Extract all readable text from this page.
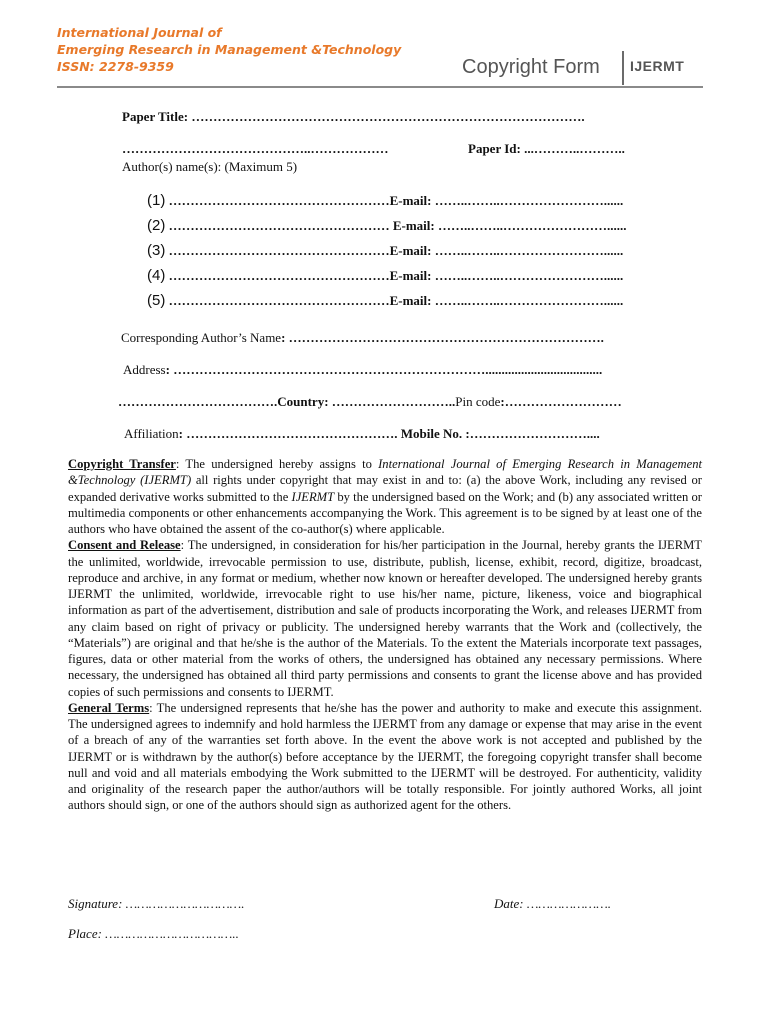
International Journal of
Emerging Research in Management &Technology
ISSN: 2278-9359	Copyright Form IJERMT
Paper Title: ……………………………………………………………………………….
……………………………………..………………	Paper Id: ...………..………..
Author(s) name(s): (Maximum 5)
(1) ……………………………………………E-mail: ……..……..……………………......
(2) …………………………………………… E-mail: ……..……..……………………......
(3) ……………………………………………E-mail: ……..……..……………………......
(4) ……………………………………………E-mail: ……..……..……………………......
(5) ……………………………………………E-mail: ……..……..……………………......
Corresponding Author’s Name: ……………………………………………………………….
Address: ………………………………………………………………....................................
……………………………….Country: ………………………..Pin code:………………………
Affiliation: …………………………………………. Mobile No. :………………………....

Copyright Transfer: The undersigned hereby assigns to International Journal of Emerging Research in Management &Technology (IJERMT) all rights under copyright that may exist in and to: (a) the above Work, including any revised or expanded derivative works submitted to the IJERMT by the undersigned based on the Work; and (b) any associated written or multimedia components or other enhancements accompanying the Work. This agreement is to be signed by at least one of the authors who have obtained the assent of the co-author(s) where applicable.

Consent and Release: The undersigned, in consideration for his/her participation in the Journal, hereby grants the IJERMT the unlimited, worldwide, irrevocable permission to use, distribute, publish, license, exhibit, record, digitize, broadcast, reproduce and archive, in any format or medium, whether now known or hereafter developed. The undersigned hereby grants IJERMT the unlimited, worldwide, irrevocable right to use his/her name, picture, likeness, voice and biographical information as part of the advertisement, distribution and sale of products incorporating the Work, and releases IJERMT from any claim based on right of privacy or publicity. The undersigned hereby warrants that the Work and (collectively, the “Materials”) are original and that he/she is the author of the Materials. To the extent the Materials incorporate text passages, figures, data or other material from the works of others, the undersigned has obtained any necessary permissions. Where necessary, the undersigned has obtained all third party permissions and consents to grant the license above and has provided copies of such permissions and consents to IJERMT.

General Terms: The undersigned represents that he/she has the power and authority to make and execute this assignment. The undersigned agrees to indemnify and hold harmless the IJERMT from any damage or expense that may arise in the event of a breach of any of the warranties set forth above. In the event the above work is not accepted and published by the IJERMT or is withdrawn by the author(s) before acceptance by the IJERMT, the foregoing copyright transfer shall become null and void and all materials embodying the Work submitted to the IJERMT will be destroyed. For authenticity, validity and originality of the research paper the author/authors will be totally responsible. For jointly authored Works, all joint authors should sign, or one of the authors should sign as authorized agent for the others.

Signature: ………………………….	Date: ………………….
Place: ……………………………..
